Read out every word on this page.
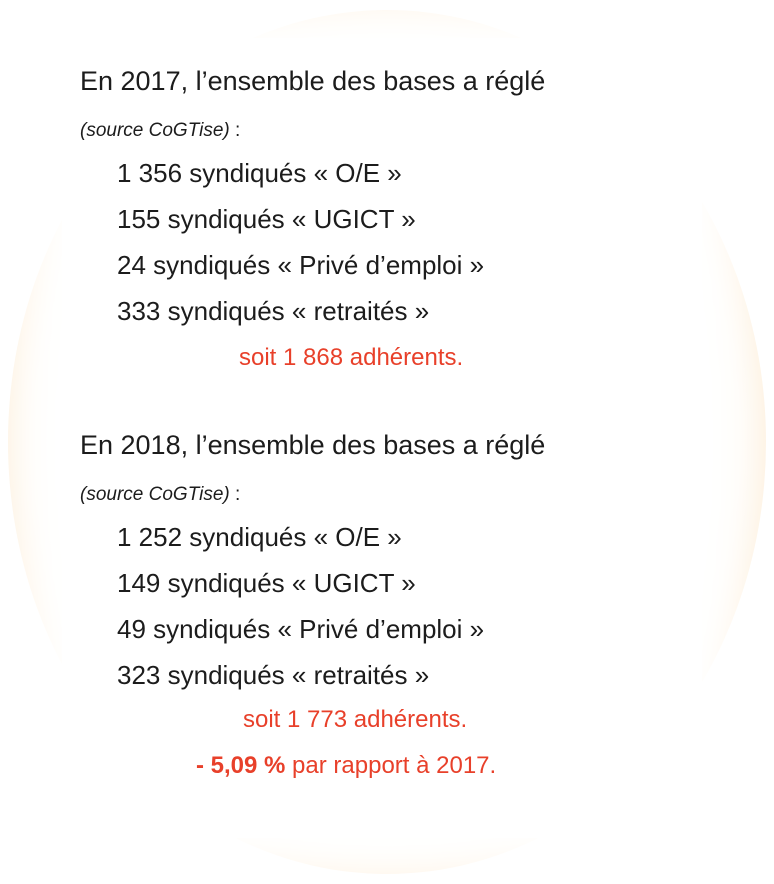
En 2017, l’ensemble des bases a réglé
(source CoGTise) :
1 356 syndiqués « O/E »
155 syndiqués « UGICT »
24 syndiqués « Privé d’emploi »
333 syndiqués « retraités »
soit 1 868 adhérents.
En 2018, l’ensemble des bases a réglé
(source CoGTise) :
1 252 syndiqués « O/E »
149 syndiqués « UGICT »
49 syndiqués « Privé d’emploi »
323 syndiqués « retraités »
soit 1 773 adhérents.
- 5,09 % par rapport à 2017.
